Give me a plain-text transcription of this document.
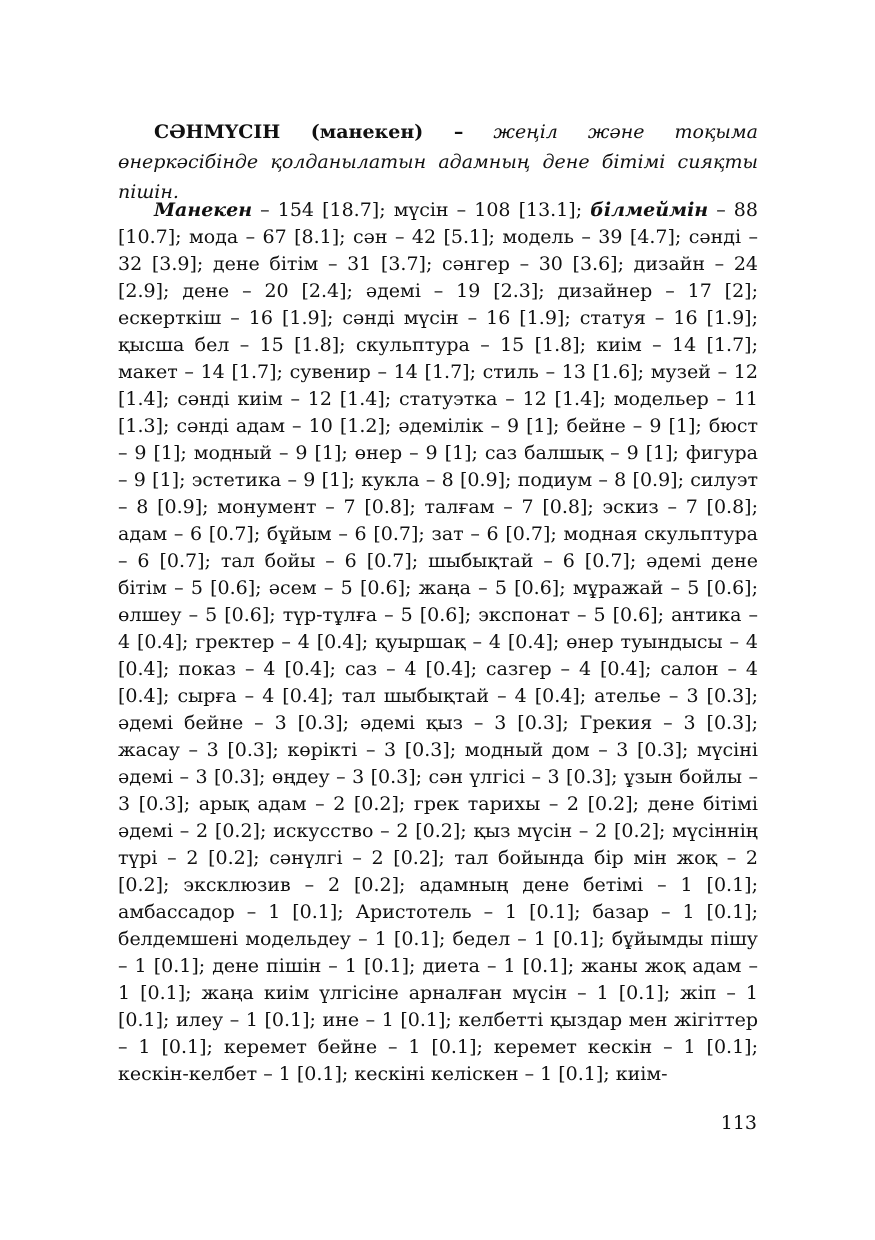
СӘНМҮСІН (манекен) – жеңіл және тоқыма өнеркәсібінде қолданылатын адамның дене бітімі сияқты пішін.

Манекен – 154 [18.7]; мүсін – 108 [13.1]; білмеймін – 88 [10.7]; мода – 67 [8.1]; сән – 42 [5.1]; модель – 39 [4.7]; сәнді – 32 [3.9]; дене бітім – 31 [3.7]; сәнгер – 30 [3.6]; дизайн – 24 [2.9]; дене – 20 [2.4]; әдемі – 19 [2.3]; дизайнер – 17 [2]; ескерткіш – 16 [1.9]; сәнді мүсін – 16 [1.9]; статуя – 16 [1.9]; қысша бел – 15 [1.8]; скульптура – 15 [1.8]; киім – 14 [1.7]; макет – 14 [1.7]; сувенир – 14 [1.7]; стиль – 13 [1.6]; музей – 12 [1.4]; сәнді киім – 12 [1.4]; статуэтка – 12 [1.4]; модельер – 11 [1.3]; сәнді адам – 10 [1.2]; әдемілік – 9 [1]; бейне – 9 [1]; бюст – 9 [1]; модный – 9 [1]; өнер – 9 [1]; саз балшық – 9 [1]; фигура – 9 [1]; эстетика – 9 [1]; кукла – 8 [0.9]; подиум – 8 [0.9]; силуэт – 8 [0.9]; монумент – 7 [0.8]; талғам – 7 [0.8]; эскиз – 7 [0.8]; адам – 6 [0.7]; бұйым – 6 [0.7]; зат – 6 [0.7]; модная скульптура – 6 [0.7]; тал бойы – 6 [0.7]; шыбықтай – 6 [0.7]; әдемі дене бітім – 5 [0.6]; әсем – 5 [0.6]; жаңа – 5 [0.6]; мұражай – 5 [0.6]; өлшеу – 5 [0.6]; түр-тұлға – 5 [0.6]; экспонат – 5 [0.6]; антика – 4 [0.4]; гректер – 4 [0.4]; қуыршақ – 4 [0.4]; өнер туындысы – 4 [0.4]; показ – 4 [0.4]; саз – 4 [0.4]; сазгер – 4 [0.4]; салон – 4 [0.4]; сырға – 4 [0.4]; тал шыбықтай – 4 [0.4]; ателье – 3 [0.3]; әдемі бейне – 3 [0.3]; әдемі қыз – 3 [0.3]; Грекия – 3 [0.3]; жасау – 3 [0.3]; көрікті – 3 [0.3]; модный дом – 3 [0.3]; мүсіні әдемі – 3 [0.3]; өңдеу – 3 [0.3]; сән үлгісі – 3 [0.3]; ұзын бойлы – 3 [0.3]; арық адам – 2 [0.2]; грек тарихы – 2 [0.2]; дене бітімі әдемі – 2 [0.2]; искусство – 2 [0.2]; қыз мүсін – 2 [0.2]; мүсіннің түрі – 2 [0.2]; сәнүлгі – 2 [0.2]; тал бойында бір мін жоқ – 2 [0.2]; эксклюзив – 2 [0.2]; адамның дене бетімі – 1 [0.1]; амбассадор – 1 [0.1]; Аристотель – 1 [0.1]; базар – 1 [0.1]; белдемшені модельдеу – 1 [0.1]; бедел – 1 [0.1]; бұйымды пішу – 1 [0.1]; дене пішін – 1 [0.1]; диета – 1 [0.1]; жаны жоқ адам – 1 [0.1]; жаңа киім үлгісіне арналған мүсін – 1 [0.1]; жіп – 1 [0.1]; илеу – 1 [0.1]; ине – 1 [0.1]; келбетті қыздар мен жігіттер – 1 [0.1]; керемет бейне – 1 [0.1]; керемет кескін – 1 [0.1]; кескін-келбет – 1 [0.1]; кескіні келіскен – 1 [0.1]; киім-

113
